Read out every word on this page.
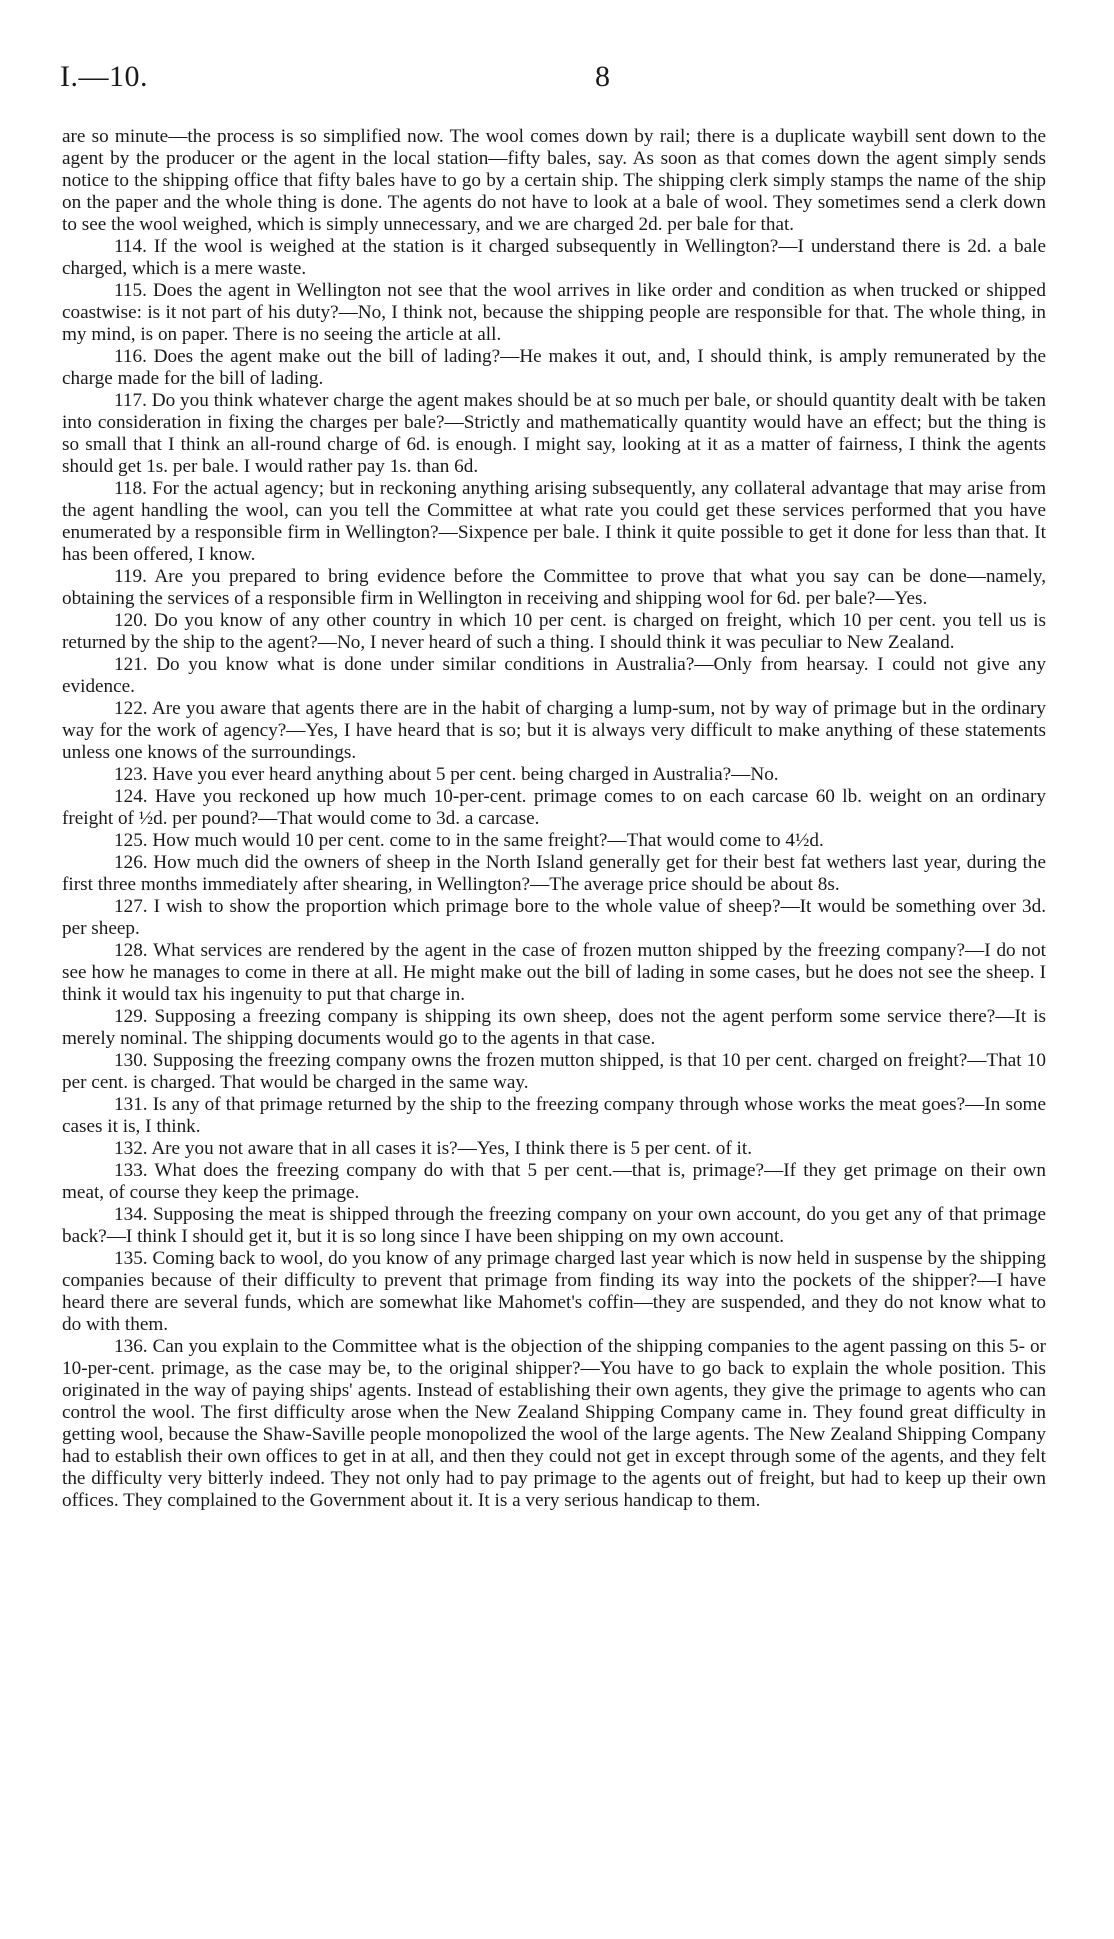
I.—10.	8

are so minute—the process is so simplified now. The wool comes down by rail; there is a duplicate waybill sent down to the agent by the producer or the agent in the local station—fifty bales, say. As soon as that comes down the agent simply sends notice to the shipping office that fifty bales have to go by a certain ship. The shipping clerk simply stamps the name of the ship on the paper and the whole thing is done. The agents do not have to look at a bale of wool. They sometimes send a clerk down to see the wool weighed, which is simply unnecessary, and we are charged 2d. per bale for that.

114. If the wool is weighed at the station is it charged subsequently in Wellington?—I understand there is 2d. a bale charged, which is a mere waste.

115. Does the agent in Wellington not see that the wool arrives in like order and condition as when trucked or shipped coastwise: is it not part of his duty?—No, I think not, because the shipping people are responsible for that. The whole thing, in my mind, is on paper. There is no seeing the article at all.

116. Does the agent make out the bill of lading?—He makes it out, and, I should think, is amply remunerated by the charge made for the bill of lading.

117. Do you think whatever charge the agent makes should be at so much per bale, or should quantity dealt with be taken into consideration in fixing the charges per bale?—Strictly and mathematically quantity would have an effect; but the thing is so small that I think an all-round charge of 6d. is enough. I might say, looking at it as a matter of fairness, I think the agents should get 1s. per bale. I would rather pay 1s. than 6d.

118. For the actual agency; but in reckoning anything arising subsequently, any collateral advantage that may arise from the agent handling the wool, can you tell the Committee at what rate you could get these services performed that you have enumerated by a responsible firm in Wellington?—Sixpence per bale. I think it quite possible to get it done for less than that. It has been offered, I know.

119. Are you prepared to bring evidence before the Committee to prove that what you say can be done—namely, obtaining the services of a responsible firm in Wellington in receiving and shipping wool for 6d. per bale?—Yes.

120. Do you know of any other country in which 10 per cent. is charged on freight, which 10 per cent. you tell us is returned by the ship to the agent?—No, I never heard of such a thing. I should think it was peculiar to New Zealand.

121. Do you know what is done under similar conditions in Australia?—Only from hearsay. I could not give any evidence.

122. Are you aware that agents there are in the habit of charging a lump-sum, not by way of primage but in the ordinary way for the work of agency?—Yes, I have heard that is so; but it is always very difficult to make anything of these statements unless one knows of the surroundings.

123. Have you ever heard anything about 5 per cent. being charged in Australia?—No.

124. Have you reckoned up how much 10-per-cent. primage comes to on each carcase 60 lb. weight on an ordinary freight of ½d. per pound?—That would come to 3d. a carcase.

125. How much would 10 per cent. come to in the same freight?—That would come to 4½d.

126. How much did the owners of sheep in the North Island generally get for their best fat wethers last year, during the first three months immediately after shearing, in Wellington?—The average price should be about 8s.

127. I wish to show the proportion which primage bore to the whole value of sheep?—It would be something over 3d. per sheep.

128. What services are rendered by the agent in the case of frozen mutton shipped by the freezing company?—I do not see how he manages to come in there at all. He might make out the bill of lading in some cases, but he does not see the sheep. I think it would tax his ingenuity to put that charge in.

129. Supposing a freezing company is shipping its own sheep, does not the agent perform some service there?—It is merely nominal. The shipping documents would go to the agents in that case.

130. Supposing the freezing company owns the frozen mutton shipped, is that 10 per cent. charged on freight?—That 10 per cent. is charged. That would be charged in the same way.

131. Is any of that primage returned by the ship to the freezing company through whose works the meat goes?—In some cases it is, I think.

132. Are you not aware that in all cases it is?—Yes, I think there is 5 per cent. of it.

133. What does the freezing company do with that 5 per cent.—that is, primage?—If they get primage on their own meat, of course they keep the primage.

134. Supposing the meat is shipped through the freezing company on your own account, do you get any of that primage back?—I think I should get it, but it is so long since I have been shipping on my own account.

135. Coming back to wool, do you know of any primage charged last year which is now held in suspense by the shipping companies because of their difficulty to prevent that primage from finding its way into the pockets of the shipper?—I have heard there are several funds, which are somewhat like Mahomet's coffin—they are suspended, and they do not know what to do with them.

136. Can you explain to the Committee what is the objection of the shipping companies to the agent passing on this 5- or 10-per-cent. primage, as the case may be, to the original shipper?—You have to go back to explain the whole position. This originated in the way of paying ships' agents. Instead of establishing their own agents, they give the primage to agents who can control the wool. The first difficulty arose when the New Zealand Shipping Company came in. They found great difficulty in getting wool, because the Shaw-Saville people monopolized the wool of the large agents. The New Zealand Shipping Company had to establish their own offices to get in at all, and then they could not get in except through some of the agents, and they felt the difficulty very bitterly indeed. They not only had to pay primage to the agents out of freight, but had to keep up their own offices. They complained to the Government about it. It is a very serious handicap to them.
